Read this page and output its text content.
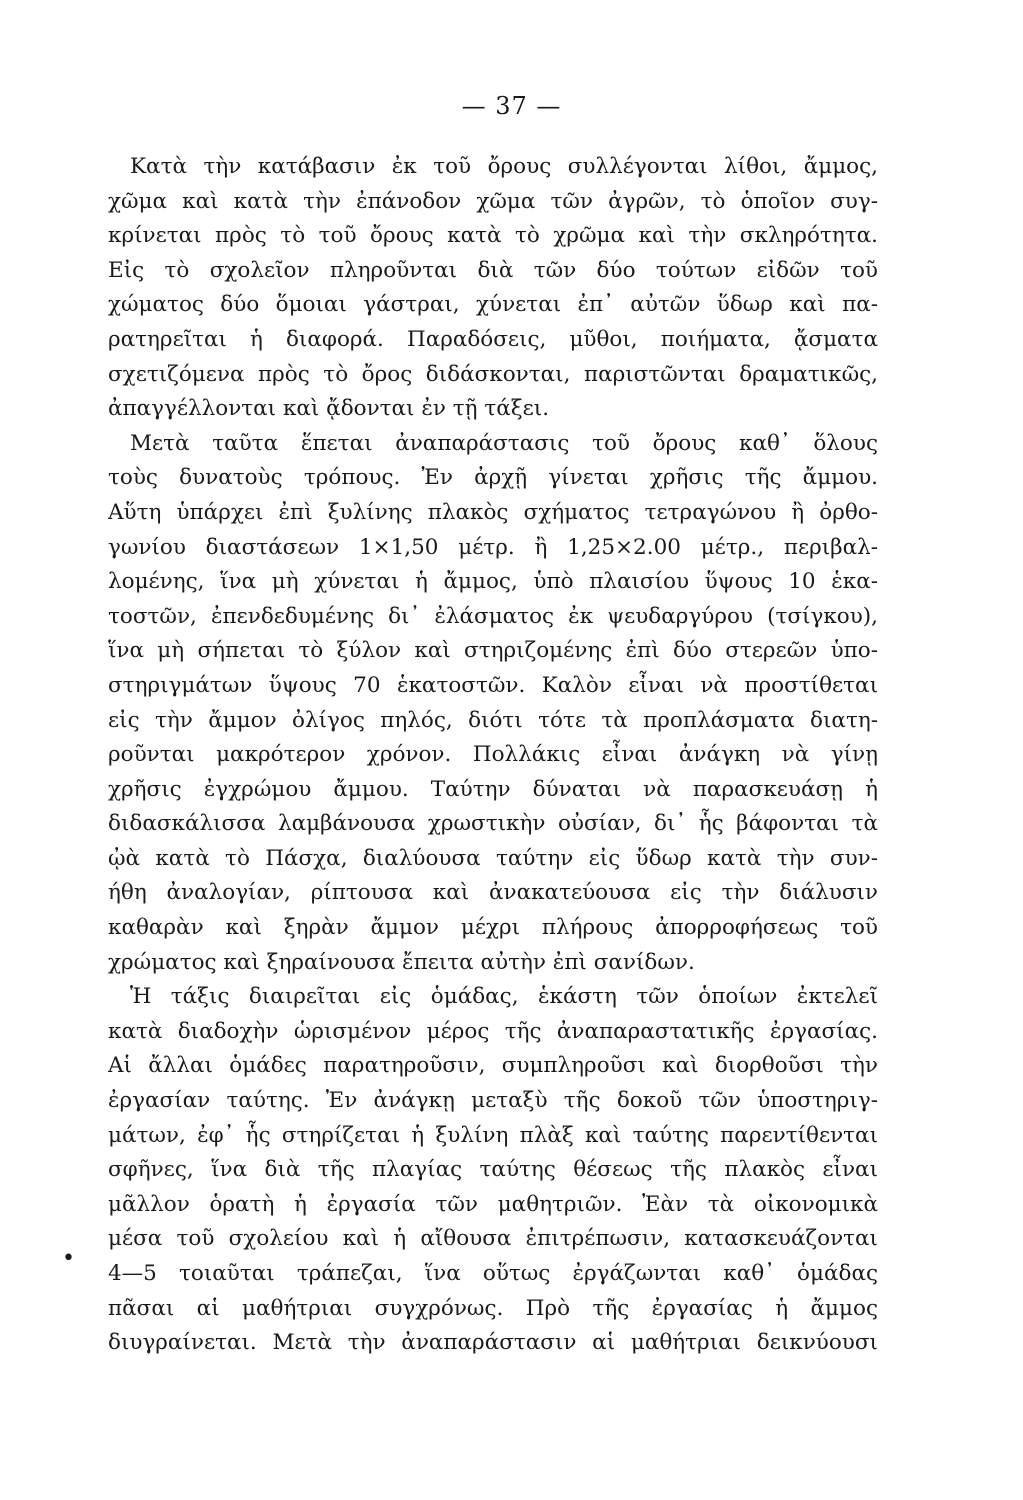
— 37 —
•
Κατὰ τὴν κατάβασιν ἐκ τοῦ ὄρους συλλέγονται λίθοι, ἄμμος,
χῶμα καὶ κατὰ τὴν ἐπάνοδον χῶμα τῶν ἀγρῶν, τὸ ὁποῖον συγ-
κρίνεται πρὸς τὸ τοῦ ὄρους κατὰ τὸ χρῶμα καὶ τὴν σκληρότητα.
Εἰς τὸ σχολεῖον πληροῦνται διὰ τῶν δύο τούτων εἰδῶν τοῦ
χώματος δύο ὅμοιαι γάστραι, χύνεται ἐπ᾽ αὐτῶν ὕδωρ καὶ πα-
ρατηρεῖται ἡ διαφορά. Παραδόσεις, μῦθοι, ποιήματα, ᾄσματα
σχετιζόμενα πρὸς τὸ ὄρος διδάσκονται, παριστῶνται δραματικῶς,
ἀπαγγέλλονται καὶ ᾄδονται ἐν τῇ τάξει.
Μετὰ ταῦτα ἕπεται ἀναπαράστασις τοῦ ὄρους καθ᾽ ὅλους
τοὺς δυνατοὺς τρόπους. Ἐν ἀρχῇ γίνεται χρῆσις τῆς ἄμμου.
Αὕτη ὑπάρχει ἐπὶ ξυλίνης πλακὸς σχήματος τετραγώνου ἢ ὀρθο-
γωνίου διαστάσεων 1×1,50 μέτρ. ἢ 1,25×2.00 μέτρ., περιβαλ-
λομένης, ἵνα μὴ χύνεται ἡ ἄμμος, ὑπὸ πλαισίου ὕψους 10 ἑκα-
τοστῶν, ἐπενδεδυμένης δι᾽ ἐλάσματος ἐκ ψευδαργύρου (τσίγκου),
ἵνα μὴ σήπεται τὸ ξύλον καὶ στηριζομένης ἐπὶ δύο στερεῶν ὑπο-
στηριγμάτων ὕψους 70 ἑκατοστῶν. Καλὸν εἶναι νὰ προστίθεται
εἰς τὴν ἄμμον ὀλίγος πηλός, διότι τότε τὰ προπλάσματα διατη-
ροῦνται μακρότερον χρόνον. Πολλάκις εἶναι ἀνάγκη νὰ γίνῃ
χρῆσις ἐγχρώμου ἄμμου. Ταύτην δύναται νὰ παρασκευάσῃ ἡ
διδασκάλισσα λαμβάνουσα χρωστικὴν οὐσίαν, δι᾽ ἧς βάφονται τὰ
ᾠὰ κατὰ τὸ Πάσχα, διαλύουσα ταύτην εἰς ὕδωρ κατὰ τὴν συν-
ήθη ἀναλογίαν, ρίπτουσα καὶ ἀνακατεύουσα εἰς τὴν διάλυσιν
καθαρὰν καὶ ξηρὰν ἄμμον μέχρι πλήρους ἀπορροφήσεως τοῦ
χρώματος καὶ ξηραίνουσα ἔπειτα αὐτὴν ἐπὶ σανίδων.
Ἡ τάξις διαιρεῖται εἰς ὁμάδας, ἑκάστη τῶν ὁποίων ἐκτελεῖ
κατὰ διαδοχὴν ὡρισμένον μέρος τῆς ἀναπαραστατικῆς ἐργασίας.
Αἱ ἄλλαι ὁμάδες παρατηροῦσιν, συμπληροῦσι καὶ διορθοῦσι τὴν
ἐργασίαν ταύτης. Ἐν ἀνάγκῃ μεταξὺ τῆς δοκοῦ τῶν ὑποστηριγ-
μάτων, ἐφ᾽ ἧς στηρίζεται ἡ ξυλίνη πλὰξ καὶ ταύτης παρεντίθενται
σφῆνες, ἵνα διὰ τῆς πλαγίας ταύτης θέσεως τῆς πλακὸς εἶναι
μᾶλλον ὁρατὴ ἡ ἐργασία τῶν μαθητριῶν. Ἐὰν τὰ οἰκονομικὰ
μέσα τοῦ σχολείου καὶ ἡ αἴθουσα ἐπιτρέπωσιν, κατασκευάζονται
4—5 τοιαῦται τράπεζαι, ἵνα οὕτως ἐργάζωνται καθ᾽ ὁμάδας
πᾶσαι αἱ μαθήτριαι συγχρόνως. Πρὸ τῆς ἐργασίας ἡ ἄμμος
διυγραίνεται. Μετὰ τὴν ἀναπαράστασιν αἱ μαθήτριαι δεικνύουσι
